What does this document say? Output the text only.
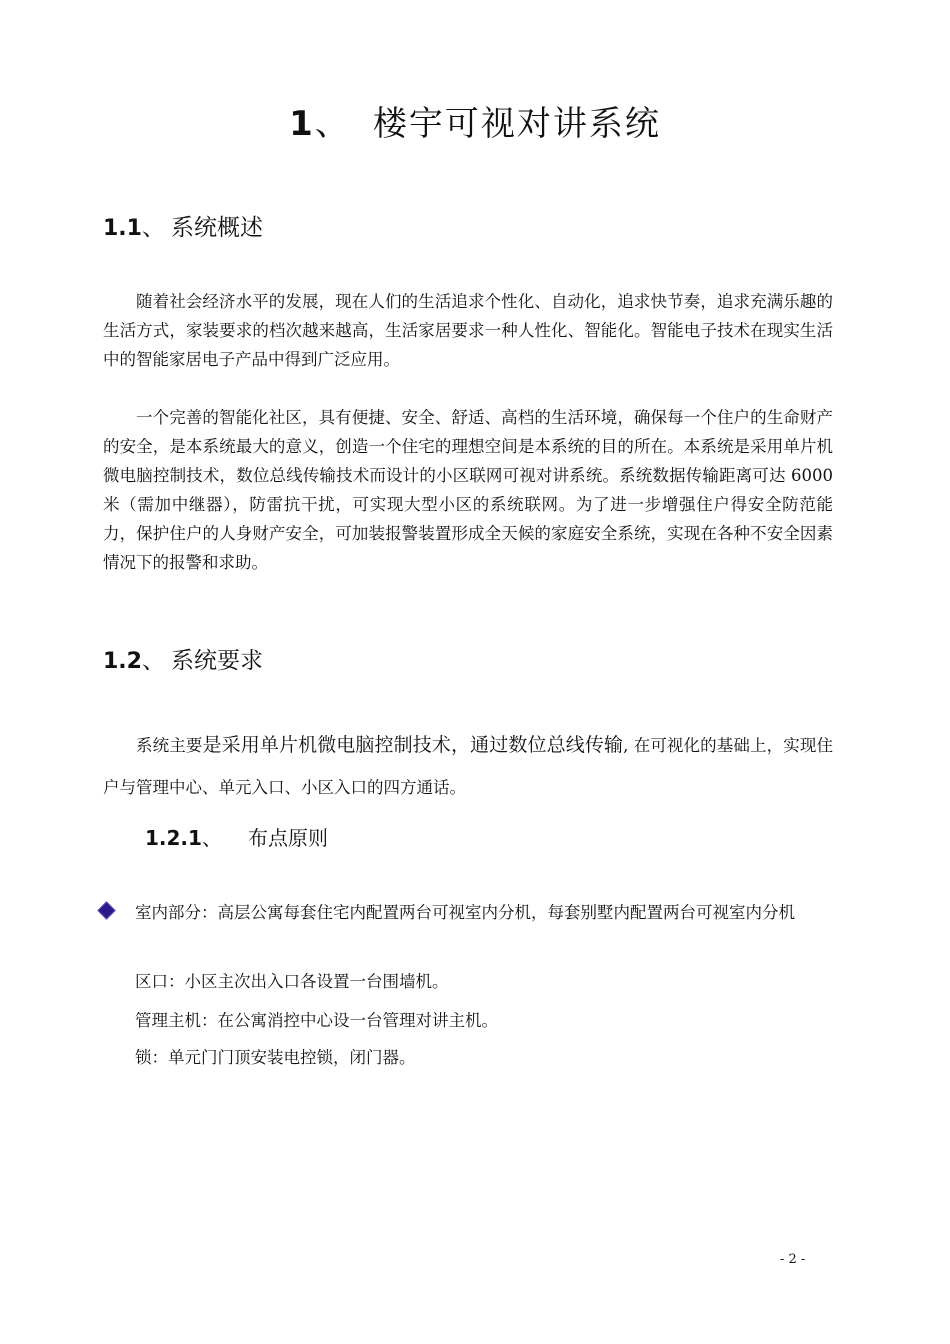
1、 楼宇可视对讲系统
1.1、 系统概述

随着社会经济水平的发展，现在人们的生活追求个性化、自动化，追求快节奏，追求充满乐趣的生活方式，家装要求的档次越来越高，生活家居要求一种人性化、智能化。智能电子技术在现实生活中的智能家居电子产品中得到广泛应用。

一个完善的智能化社区，具有便捷、安全、舒适、高档的生活环境，确保每一个住户的生命财产的安全，是本系统最大的意义，创造一个住宅的理想空间是本系统的目的所在。本系统是采用单片机微电脑控制技术，数位总线传输技术而设计的小区联网可视对讲系统。系统数据传输距离可达 6000 米（需加中继器），防雷抗干扰，可实现大型小区的系统联网。为了进一步增强住户得安全防范能力，保护住户的人身财产安全，可加装报警装置形成全天候的家庭安全系统，实现在各种不安全因素情况下的报警和求助。

1.2、 系统要求

系统主要是采用单片机微电脑控制技术，通过数位总线传输, 在可视化的基础上，实现住户与管理中心、单元入口、小区入口的四方通话。

1.2.1、 布点原则

室内部分：高层公寓每套住宅内配置两台可视室内分机，每套别墅内配置两台可视室内分机

区口：小区主次出入口各设置一台围墙机。
管理主机：在公寓消控中心设一台管理对讲主机。
锁：单元门门顶安装电控锁，闭门器。
- 2 -
